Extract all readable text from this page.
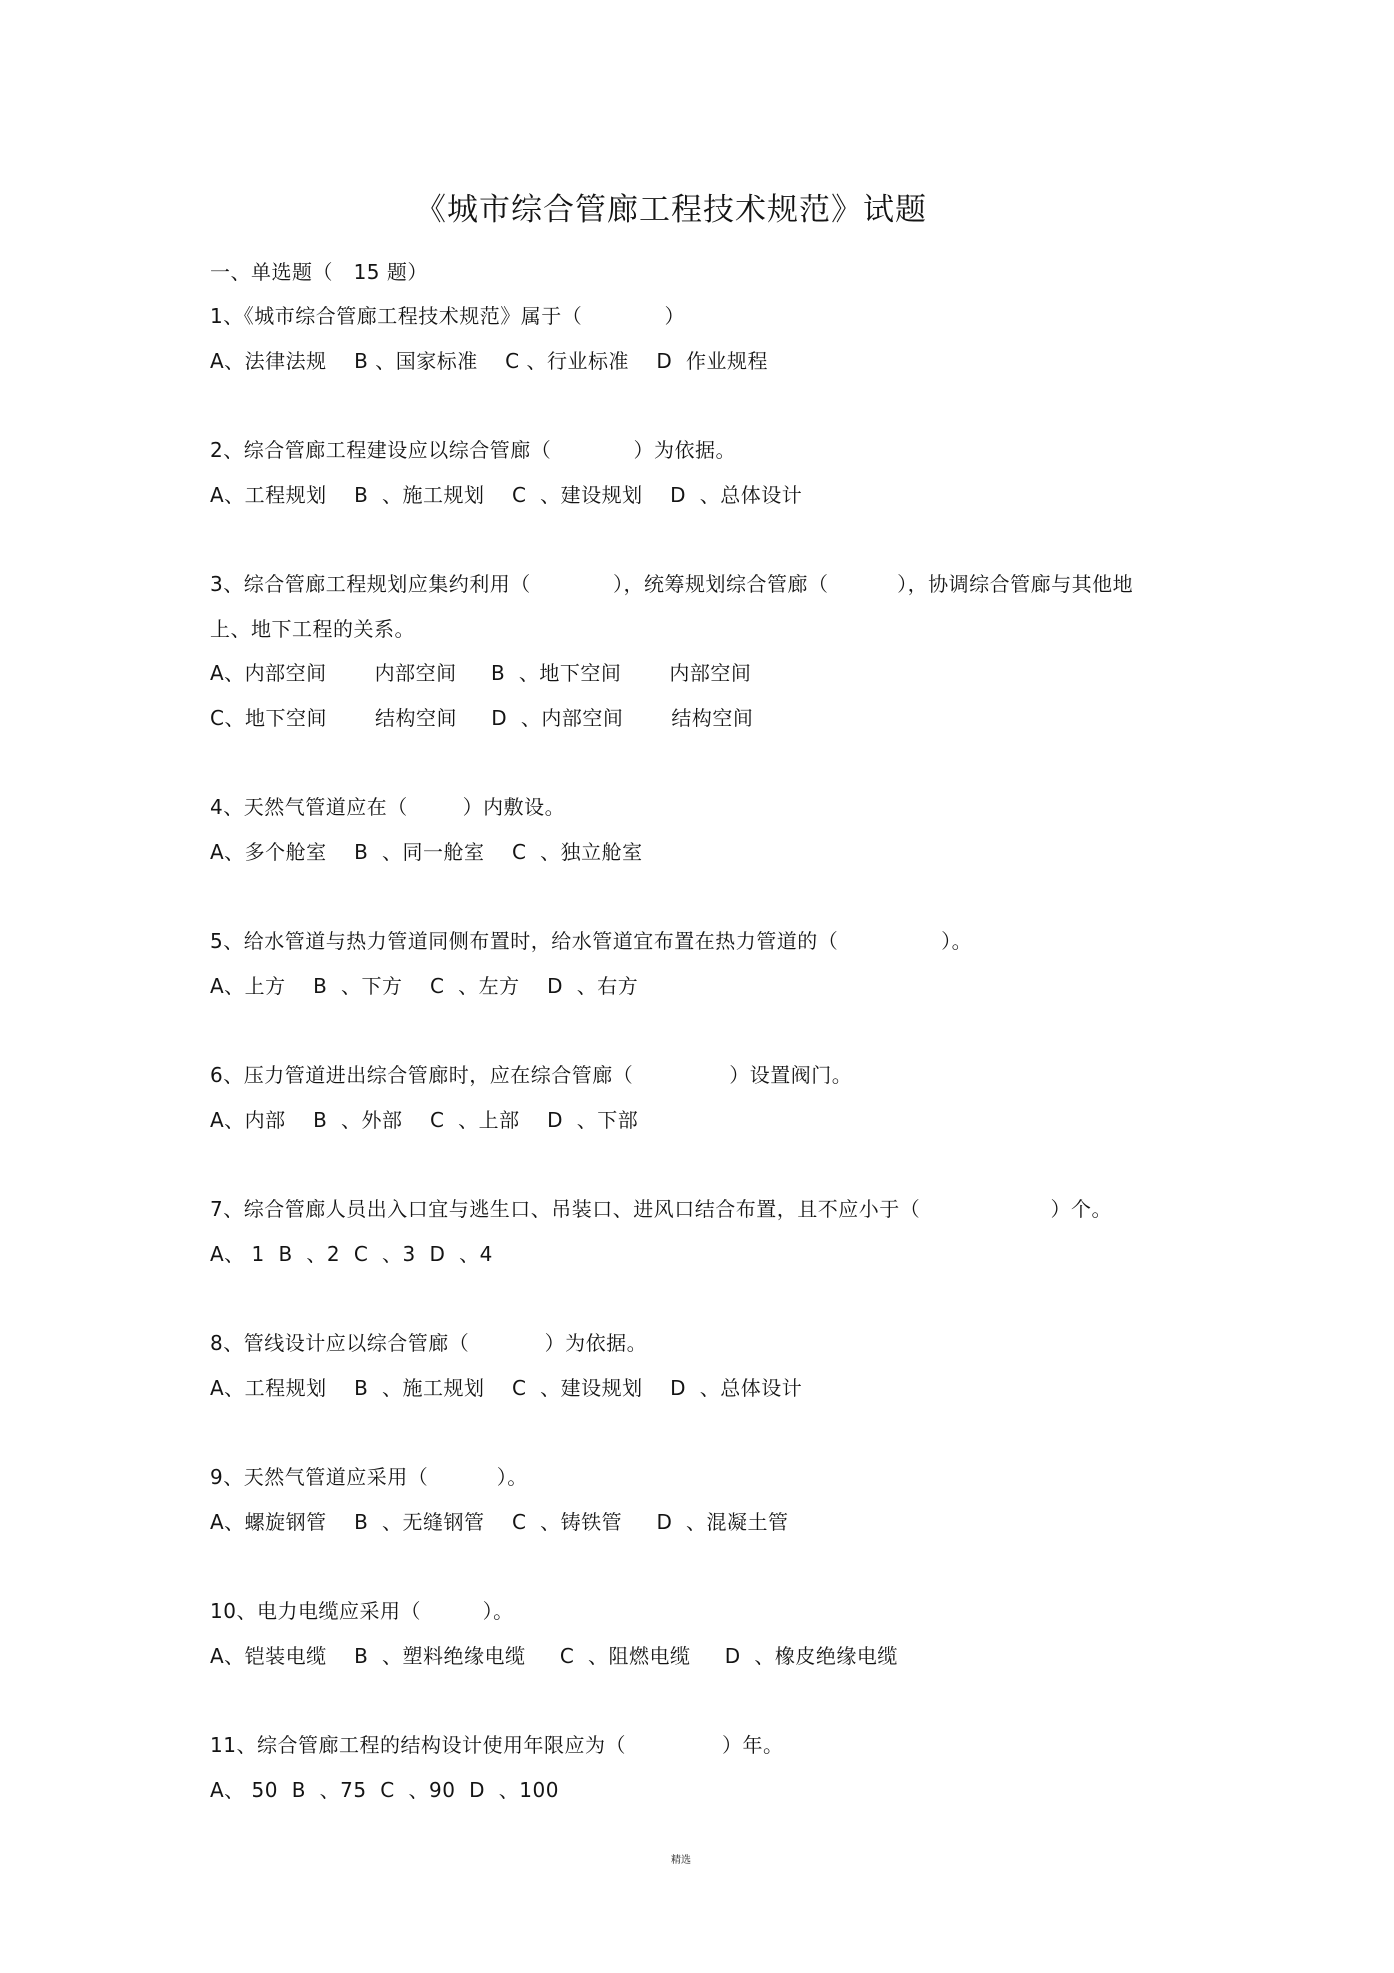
《城市综合管廊工程技术规范》试题
一、单选题（   15 题）
1、《城市综合管廊工程技术规范》属于（            ）
A、法律法规    B 、国家标准    C 、行业标准    D  作业规程
2、综合管廊工程建设应以综合管廊（            ）为依据。
A、工程规划    B  、施工规划    C  、建设规划    D  、总体设计
3、综合管廊工程规划应集约利用（            ），统筹规划综合管廊（          ），协调综合管廊与其他地
上、地下工程的关系。
A、内部空间       内部空间     B  、地下空间       内部空间
C、地下空间       结构空间     D  、内部空间       结构空间
4、天然气管道应在（        ）内敷设。
A、多个舱室    B  、同一舱室    C  、独立舱室
5、给水管道与热力管道同侧布置时，给水管道宜布置在热力管道的（               ）。
A、上方    B  、下方    C  、左方    D  、右方
6、压力管道进出综合管廊时，应在综合管廊（              ）设置阀门。
A、内部    B  、外部    C  、上部    D  、下部
7、综合管廊人员出入口宜与逃生口、吊装口、进风口结合布置，且不应小于（                   ）个。
A、 1  B  、2  C  、3  D  、4
8、管线设计应以综合管廊（           ）为依据。
A、工程规划    B  、施工规划    C  、建设规划    D  、总体设计
9、天然气管道应采用（          ）。
A、螺旋钢管    B  、无缝钢管    C  、铸铁管     D  、混凝土管
10、电力电缆应采用（         ）。
A、铠装电缆    B  、塑料绝缘电缆     C  、阻燃电缆     D  、橡皮绝缘电缆
11、综合管廊工程的结构设计使用年限应为（              ）年。
A、 50  B  、75  C  、90  D  、100
精选
